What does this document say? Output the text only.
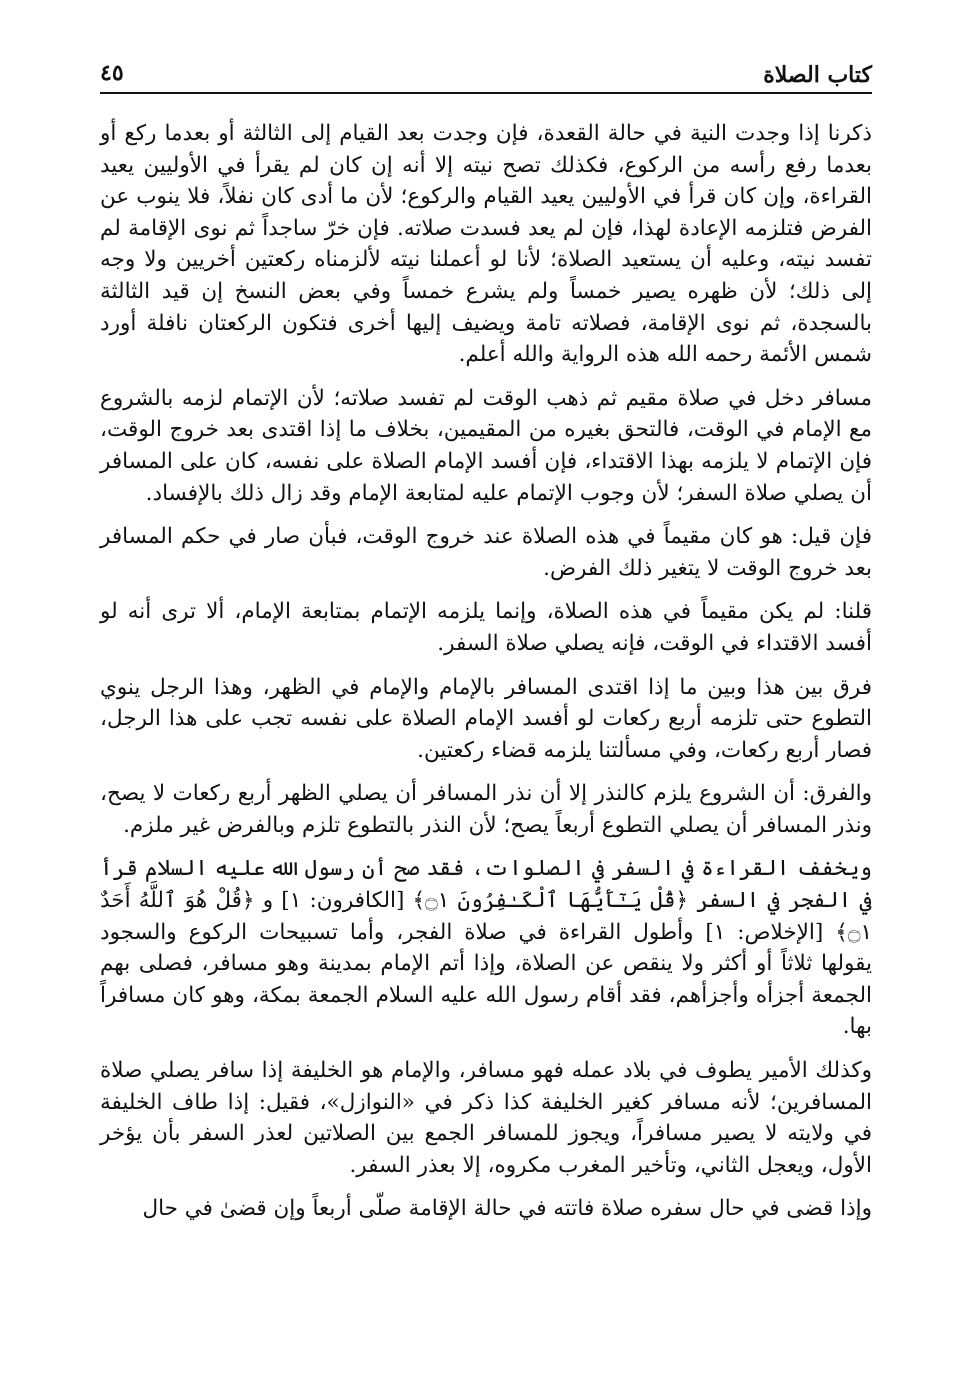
كتاب الصلاة
٤٥

ذكرنا إذا وجدت النية في حالة القعدة، فإن وجدت بعد القيام إلى الثالثة أو بعدما ركع أو بعدما رفع رأسه من الركوع، فكذلك تصح نيته إلا أنه إن كان لم يقرأ في الأوليين يعيد القراءة، وإن كان قرأ في الأوليين يعيد القيام والركوع؛ لأن ما أدى كان نفلاً، فلا ينوب عن الفرض فتلزمه الإعادة لهذا، فإن لم يعد فسدت صلاته. فإن خرّ ساجداً ثم نوى الإقامة لم تفسد نيته، وعليه أن يستعيد الصلاة؛ لأنا لو أعملنا نيته لألزمناه ركعتين أخريين ولا وجه إلى ذلك؛ لأن ظهره يصير خمساً ولم يشرع خمساً وفي بعض النسخ إن قيد الثالثة بالسجدة، ثم نوى الإقامة، فصلاته تامة ويضيف إليها أخرى فتكون الركعتان نافلة أورد شمس الأئمة رحمه الله هذه الرواية والله أعلم.

مسافر دخل في صلاة مقيم ثم ذهب الوقت لم تفسد صلاته؛ لأن الإتمام لزمه بالشروع مع الإمام في الوقت، فالتحق بغيره من المقيمين، بخلاف ما إذا اقتدى بعد خروج الوقت، فإن الإتمام لا يلزمه بهذا الاقتداء، فإن أفسد الإمام الصلاة على نفسه، كان على المسافر أن يصلي صلاة السفر؛ لأن وجوب الإتمام عليه لمتابعة الإمام وقد زال ذلك بالإفساد.

فإن قيل: هو كان مقيماً في هذه الصلاة عند خروج الوقت، فبأن صار في حكم المسافر بعد خروج الوقت لا يتغير ذلك الفرض.

قلنا: لم يكن مقيماً في هذه الصلاة، وإنما يلزمه الإتمام بمتابعة الإمام، ألا ترى أنه لو أفسد الاقتداء في الوقت، فإنه يصلي صلاة السفر.

فرق بين هذا وبين ما إذا اقتدى المسافر بالإمام والإمام في الظهر، وهذا الرجل ينوي التطوع حتى تلزمه أربع ركعات لو أفسد الإمام الصلاة على نفسه تجب على هذا الرجل، فصار أربع ركعات، وفي مسألتنا يلزمه قضاء ركعتين.

والفرق: أن الشروع يلزم كالنذر إلا أن نذر المسافر أن يصلي الظهر أربع ركعات لا يصح، ونذر المسافر أن يصلي التطوع أربعاً يصح؛ لأن النذر بالتطوع تلزم وبالفرض غير ملزم.

ويخفف القراءة في السفر في الصلوات، فقد صح أن رسول الله عليه السلام قرأ في الفجر في السفر ﴿قُلْ يَـٰٓأَيُّهَا ٱلْكَـٰفِرُونَ ۝١﴾ [الكافرون: ١] و ﴿قُلْ هُوَ ٱللَّهُ أَحَدٌ ۝١﴾ [الإخلاص: ١] وأطول القراءة في صلاة الفجر، وأما تسبيحات الركوع والسجود يقولها ثلاثاً أو أكثر ولا ينقص عن الصلاة، وإذا أتم الإمام بمدينة وهو مسافر، فصلى بهم الجمعة أجزأه وأجزأهم، فقد أقام رسول الله عليه السلام الجمعة بمكة، وهو كان مسافراً بها.

وكذلك الأمير يطوف في بلاد عمله فهو مسافر، والإمام هو الخليفة إذا سافر يصلي صلاة المسافرين؛ لأنه مسافر كغير الخليفة كذا ذكر في «النوازل»، فقيل: إذا طاف الخليفة في ولايته لا يصير مسافراً، ويجوز للمسافر الجمع بين الصلاتين لعذر السفر بأن يؤخر الأول، ويعجل الثاني، وتأخير المغرب مكروه، إلا بعذر السفر.

وإذا قضى في حال سفره صلاة فاتته في حالة الإقامة صلّى أربعاً وإن قضىٰ في حال
